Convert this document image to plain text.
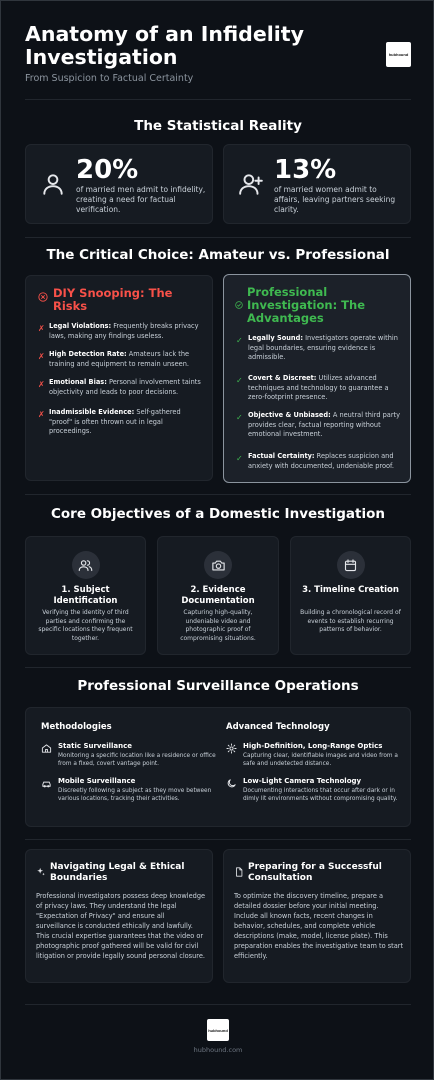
Anatomy of an Infidelity Investigation
From Suspicion to Factual Certainty
hubhound
The Statistical Reality
20%
of married men admit to infidelity, creating a need for factual verification.
13%
of married women admit to affairs, leaving partners seeking clarity.
The Critical Choice: Amateur vs. Professional
DIY Snooping: The Risks
✗ Legal Violations: Frequently breaks privacy laws, making any findings useless.
✗ High Detection Rate: Amateurs lack the training and equipment to remain unseen.
✗ Emotional Bias: Personal involvement taints objectivity and leads to poor decisions.
✗ Inadmissible Evidence: Self-gathered "proof" is often thrown out in legal proceedings.
Professional Investigation: The Advantages
✓ Legally Sound: Investigators operate within legal boundaries, ensuring evidence is admissible.
✓ Covert & Discreet: Utilizes advanced techniques and technology to guarantee a zero-footprint presence.
✓ Objective & Unbiased: A neutral third party provides clear, factual reporting without emotional investment.
✓ Factual Certainty: Replaces suspicion and anxiety with documented, undeniable proof.
Core Objectives of a Domestic Investigation
1. Subject Identification
Verifying the identity of third parties and confirming the specific locations they frequent together.
2. Evidence Documentation
Capturing high-quality, undeniable video and photographic proof of compromising situations.
3. Timeline Creation
Building a chronological record of events to establish recurring patterns of behavior.
Professional Surveillance Operations
Methodologies	Advanced Technology
Static Surveillance
Monitoring a specific location like a residence or office from a fixed, covert vantage point.
Mobile Surveillance
Discreetly following a subject as they move between various locations, tracking their activities.
High-Definition, Long-Range Optics
Capturing clear, identifiable images and video from a safe and undetected distance.
Low-Light Camera Technology
Documenting interactions that occur after dark or in dimly lit environments without compromising quality.
Navigating Legal & Ethical Boundaries
Professional investigators possess deep knowledge of privacy laws. They understand the legal "Expectation of Privacy" and ensure all surveillance is conducted ethically and lawfully. This crucial expertise guarantees that the video or photographic proof gathered will be valid for civil litigation or provide legally sound personal closure.
Preparing for a Successful Consultation
To optimize the discovery timeline, prepare a detailed dossier before your initial meeting. Include all known facts, recent changes in behavior, schedules, and complete vehicle descriptions (make, model, license plate). This preparation enables the investigative team to start efficiently.
hubhound
hubhound.com
